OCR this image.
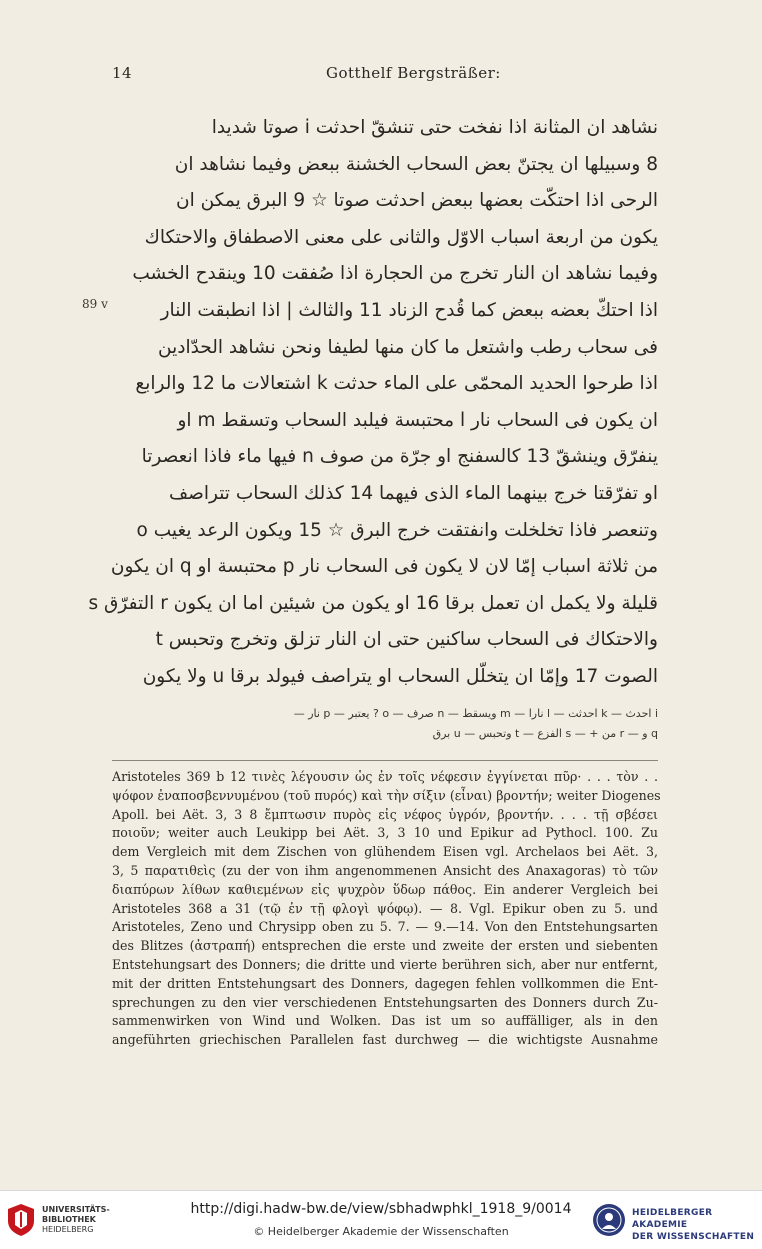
14	Gotthelf Bergsträßer:
89 v
نشاهد ان المثانة اذا نفخت حتى تنشقّ احدثت i صوتا شديدا
8 وسبيلها ان يجتنّ بعض السحاب الخشنة ببعض وفيما نشاهد ان
الرحى اذا احتكّت بعضها ببعض احدثت صوتا ☆ 9 البرق يمكن ان
يكون من اربعة اسباب الاوّل والثانى على معنى الاصطفاق والاحتكاك
وفيما نشاهد ان النار تخرج من الحجارة اذا صُفقت 10 وينقدح الخشب
اذا احتكّ بعضه ببعض كما قُدح الزناد 11 والثالث | اذا انطبقت النار
فى سحاب رطب واشتعل ما كان منها لطيفا ونحن نشاهد الحدّادين
اذا طرحوا الحديد المحمّى على الماء حدثت k اشتعالات ما 12 والرابع
ان يكون فى السحاب نار l محتبسة فيلبد السحاب وتسقط m او
ينفرّق وينشقّ 13 كالسفنج او جرّة من صوف n فيها ماء فاذا انعصرتا
او تفرّقتا خرج بينهما الماء الذى فيهما 14 كذلك السحاب تتراصف
وتنعصر فاذا تخلخلت وانفتقت خرج البرق ☆ 15 ويكون الرعد يغيب o
من ثلاثة اسباب إمّا لان لا يكون فى السحاب نار p محتبسة او q ان يكون
قليلة ولا يكمل ان تعمل برقا 16 او يكون من شيئين اما ان يكون r التفرّق s
والاحتكاك فى السحاب ساكنين حتى ان النار تزلق وتخرج وتحبس t
الصوت 17 وإمّا ان يتخلّل السحاب او يتراصف فيولد برقا u ولا يكون
i احدث — k احدثت — l نارا — m ويسقط — n صرف — o ? يعتبر — p نار —
q و — r من + — s الفزع — t وتحبس — u برق
Aristoteles 369 b 12 τινὲς λέγουσιν ὡς ἐν τοῖς νέφεσιν ἐγγίνεται πῦρ· . . . τὸν . .
ψόφον ἐναποσβεννυμένου (τοῦ πυρός) καὶ τὴν σίξιν (εἶναι) βροντήν; weiter Diogenes
Apoll. bei Aët. 3, 3 8 ἔμπτωσιν πυρὸς εἰς νέφος ὑγρόν, βροντήν. . . . τῇ σβέσει
ποιοῦν; weiter auch Leukipp bei Aët. 3, 3 10 und Epikur ad Pythocl. 100. Zu
dem Vergleich mit dem Zischen von glühendem Eisen vgl. Archelaos bei Aët. 3,
3, 5 παρατιθεὶς (zu der von ihm angenommenen Ansicht des Anaxagoras) τὸ τῶν
διαπύρων λίθων καθιεμένων εἰς ψυχρὸν ὕδωρ πάθος. Ein anderer Vergleich bei
Aristoteles 368 a 31 (τῷ ἐν τῇ φλογὶ ψόφῳ). — 8. Vgl. Epikur oben zu 5. und
Aristoteles, Zeno und Chrysipp oben zu 5. 7. — 9.—14. Von den Entstehungsarten
des Blitzes (ἀστραπή) entsprechen die erste und zweite der ersten und siebenten
Entstehungsart des Donners; die dritte und vierte berühren sich, aber nur entfernt,
mit der dritten Entstehungsart des Donners, dagegen fehlen vollkommen die Ent-
sprechungen zu den vier verschiedenen Entstehungsarten des Donners durch Zu-
sammenwirken von Wind und Wolken. Das ist um so auffälliger, als in den
angeführten griechischen Parallelen fast durchweg — die wichtigste Ausnahme
UNIVERSITÄTS-
BIBLIOTHEK
HEIDELBERG
http://digi.hadw-bw.de/view/sbhadwphkl_1918_9/0014
© Heidelberger Akademie der Wissenschaften
HEIDELBERGER AKADEMIE
DER WISSENSCHAFTEN
